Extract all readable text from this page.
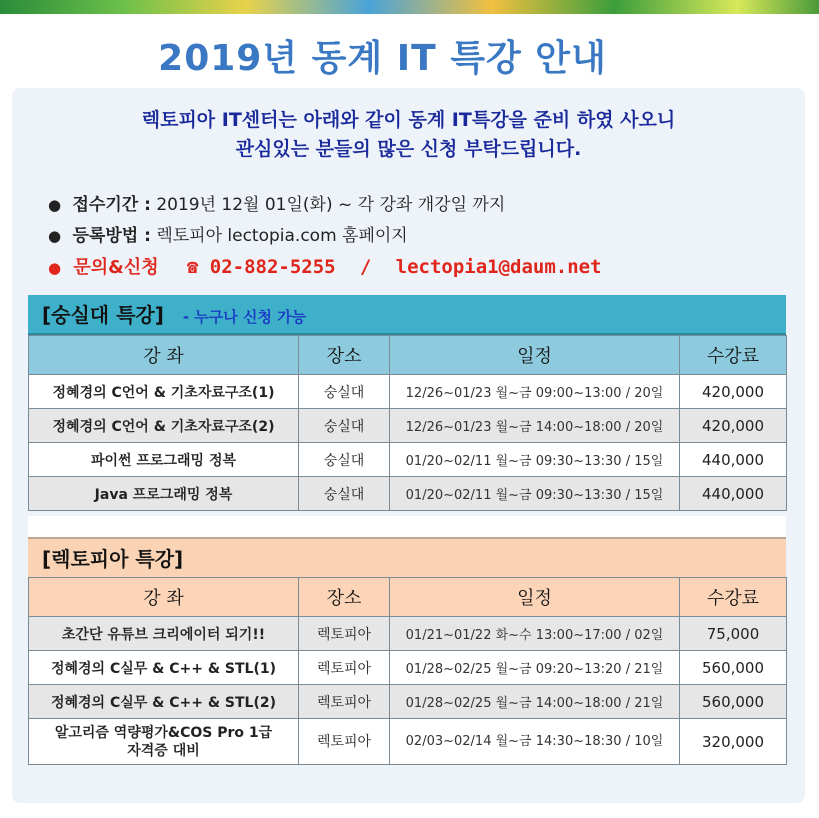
2019년 동계 IT 특강 안내
렉토피아 IT센터는 아래와 같이 동계 IT특강을 준비 하였 사오니
관심있는 분들의 많은 신청 부탁드립니다.
● 접수기간 : 2019년 12월 01일(화) ~ 각 강좌 개강일 까지
● 등록방법 : 렉토피아 lectopia.com 홈페이지
● 문의&신청 ☎ 02-882-5255 / lectopia1@daum.net
[숭실대 특강] - 누구나 신청 가능
강 좌	장소	일정	수강료
정혜경의 C언어 & 기초자료구조(1)	숭실대	12/26~01/23 월~금 09:00~13:00 / 20일	420,000
정혜경의 C언어 & 기초자료구조(2)	숭실대	12/26~01/23 월~금 14:00~18:00 / 20일	420,000
파이썬 프로그래밍 정복	숭실대	01/20~02/11 월~금 09:30~13:30 / 15일	440,000
Java 프로그래밍 정복	숭실대	01/20~02/11 월~금 09:30~13:30 / 15일	440,000
[렉토피아 특강]
강 좌	장소	일정	수강료
초간단 유튜브 크리에이터 되기!!	렉토피아	01/21~01/22 화~수 13:00~17:00 / 02일	75,000
정혜경의 C실무 & C++ & STL(1)	렉토피아	01/28~02/25 월~금 09:20~13:20 / 21일	560,000
정혜경의 C실무 & C++ & STL(2)	렉토피아	01/28~02/25 월~금 14:00~18:00 / 21일	560,000

알고리즘 역량평가&COS Pro 1급
자격증 대비	렉토피아	02/03~02/14 월~금 14:30~18:30 / 10일	320,000
